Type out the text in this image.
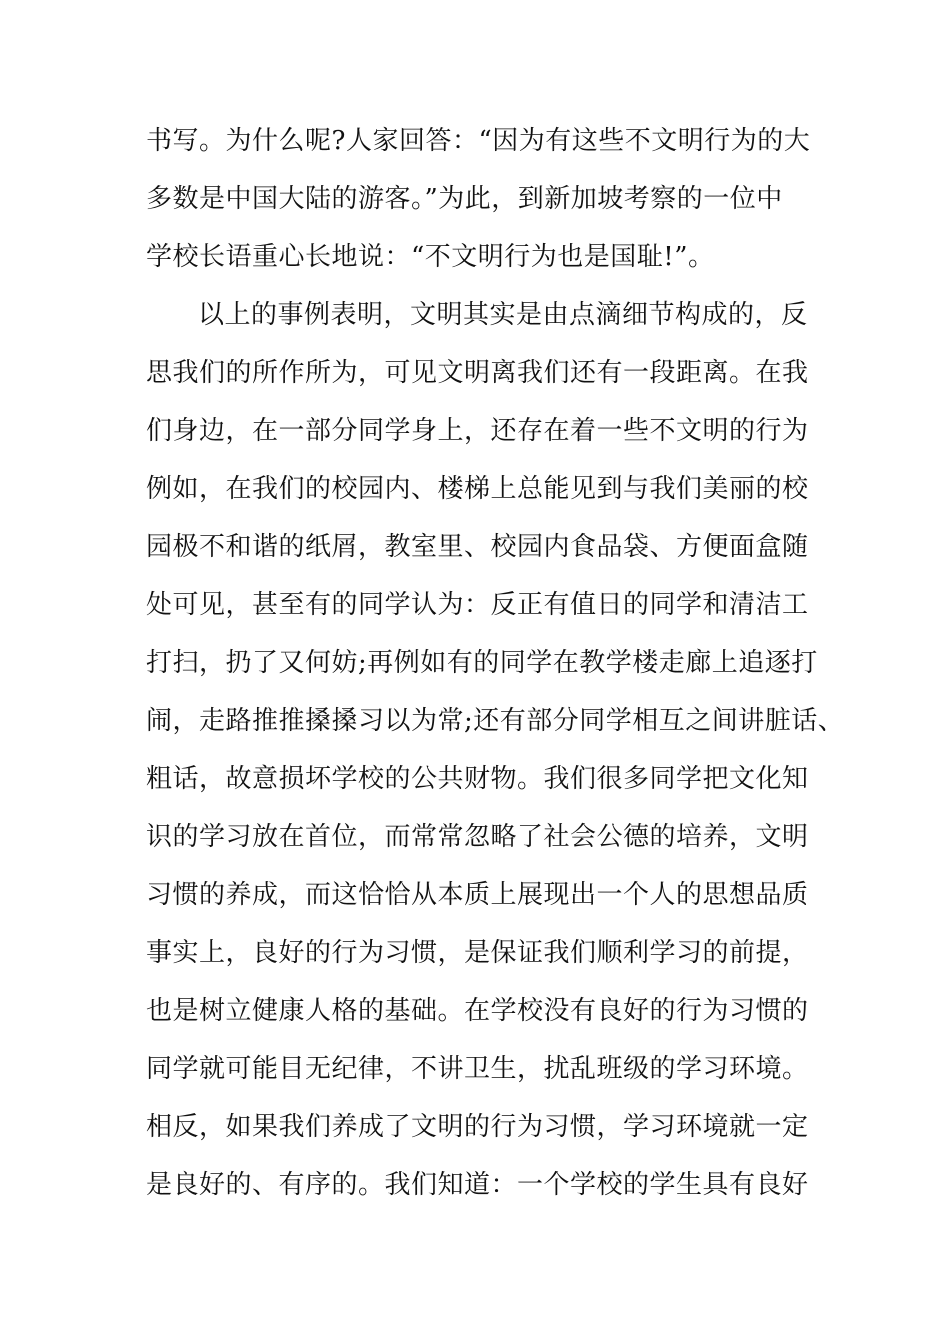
书写。为什么呢?人家回答：“因为有这些不文明行为的大
多数是中国大陆的游客。”为此，到新加坡考察的一位中
学校长语重心长地说：“不文明行为也是国耻!”。
以上的事例表明，文明其实是由点滴细节构成的，反
思我们的所作所为，可见文明离我们还有一段距离。在我
们身边，在一部分同学身上，还存在着一些不文明的行为
例如，在我们的校园内、楼梯上总能见到与我们美丽的校
园极不和谐的纸屑，教室里、校园内食品袋、方便面盒随
处可见，甚至有的同学认为：反正有值日的同学和清洁工
打扫，扔了又何妨;再例如有的同学在教学楼走廊上追逐打
闹，走路推推搡搡习以为常;还有部分同学相互之间讲脏话、
粗话，故意损坏学校的公共财物。我们很多同学把文化知
识的学习放在首位，而常常忽略了社会公德的培养，文明
习惯的养成，而这恰恰从本质上展现出一个人的思想品质
事实上，良好的行为习惯，是保证我们顺利学习的前提，
也是树立健康人格的基础。在学校没有良好的行为习惯的
同学就可能目无纪律，不讲卫生，扰乱班级的学习环境。
相反，如果我们养成了文明的行为习惯，学习环境就一定
是良好的、有序的。我们知道：一个学校的学生具有良好
